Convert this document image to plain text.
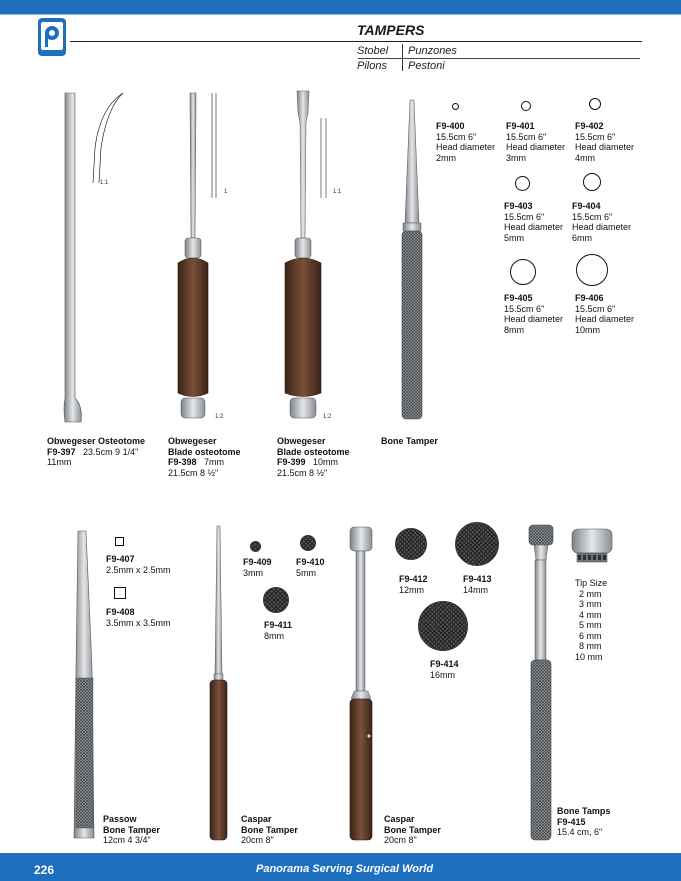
TAMPERS
Stobel Punzones
Pilons Pestoni
1:1
Obwegeser Osteotome
F9-397 23.5cm 9 1/4"
11mm
1
1:2
Obwegeser
Blade osteotome
F9-398 7mm
21.5cm 8 ½"
1:1
1:2
Obwegeser
Blade osteotome
F9-399 10mm
21.5cm 8 ½"
Bone Tamper
F9-400
15.5cm 6"
Head diameter
2mm
F9-401
15.5cm 6"
Head diameter
3mm
F9-402
15.5cm 6"
Head diameter
4mm
F9-403
15.5cm 6"
Head diameter
5mm
F9-404
15.5cm 6"
Head diameter
6mm
F9-405
15.5cm 6"
Head diameter
8mm
F9-406
15.5cm 6"
Head diameter
10mm
F9-407
2.5mm x 2.5mm
F9-408
3.5mm x 3.5mm
Passow
Bone Tamper
12cm 4 3/4"
F9-409
3mm
F9-410
5mm
F9-411
8mm
Caspar
Bone Tamper
20cm 8"
F9-412
12mm
F9-413
14mm
F9-414
16mm
Caspar
Bone Tamper
20cm 8"
Tip Size
2 mm
3 mm
4 mm
5 mm
6 mm
8 mm
10 mm
Bone Tamps
F9-415
15.4 cm, 6"
226	Panorama Serving Surgical World
